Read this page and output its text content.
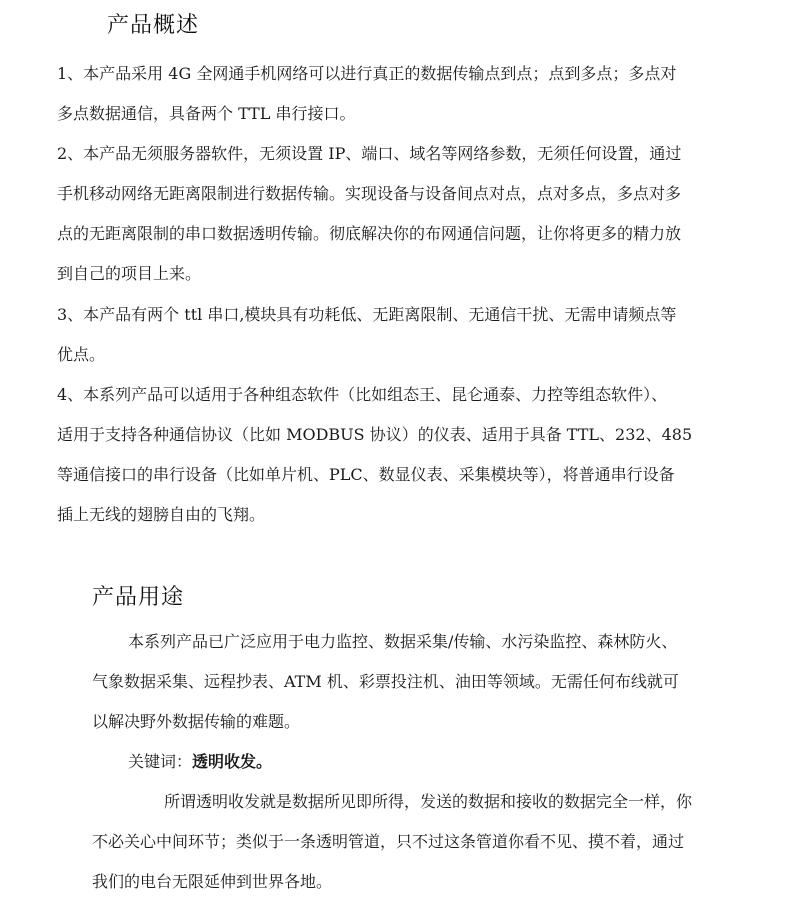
产品概述

1、本产品采用 4G 全网通手机网络可以进行真正的数据传输点到点；点到多点；多点对
多点数据通信，具备两个 TTL 串行接口。

2、本产品无须服务器软件，无须设置 IP、端口、域名等网络参数，无须任何设置，通过
手机移动网络无距离限制进行数据传输。实现设备与设备间点对点，点对多点，多点对多
点的无距离限制的串口数据透明传输。彻底解决你的布网通信问题，让你将更多的精力放
到自己的项目上来。

3、本产品有两个 ttl 串口,模块具有功耗低、无距离限制、无通信干扰、无需申请频点等
优点。

4、本系列产品可以适用于各种组态软件（比如组态王、昆仑通泰、力控等组态软件）、
适用于支持各种通信协议（比如 MODBUS 协议）的仪表、适用于具备 TTL、232、485
等通信接口的串行设备（比如单片机、PLC、数显仪表、采集模块等），将普通串行设备
插上无线的翅膀自由的飞翔。

产品用途

本系列产品已广泛应用于电力监控、数据采集/传输、水污染监控、森林防火、
气象数据采集、远程抄表、ATM 机、彩票投注机、油田等领域。无需任何布线就可
以解决野外数据传输的难题。

关键词：透明收发。

所谓透明收发就是数据所见即所得，发送的数据和接收的数据完全一样，你
不必关心中间环节；类似于一条透明管道，只不过这条管道你看不见、摸不着，通过
我们的电台无限延伸到世界各地。
